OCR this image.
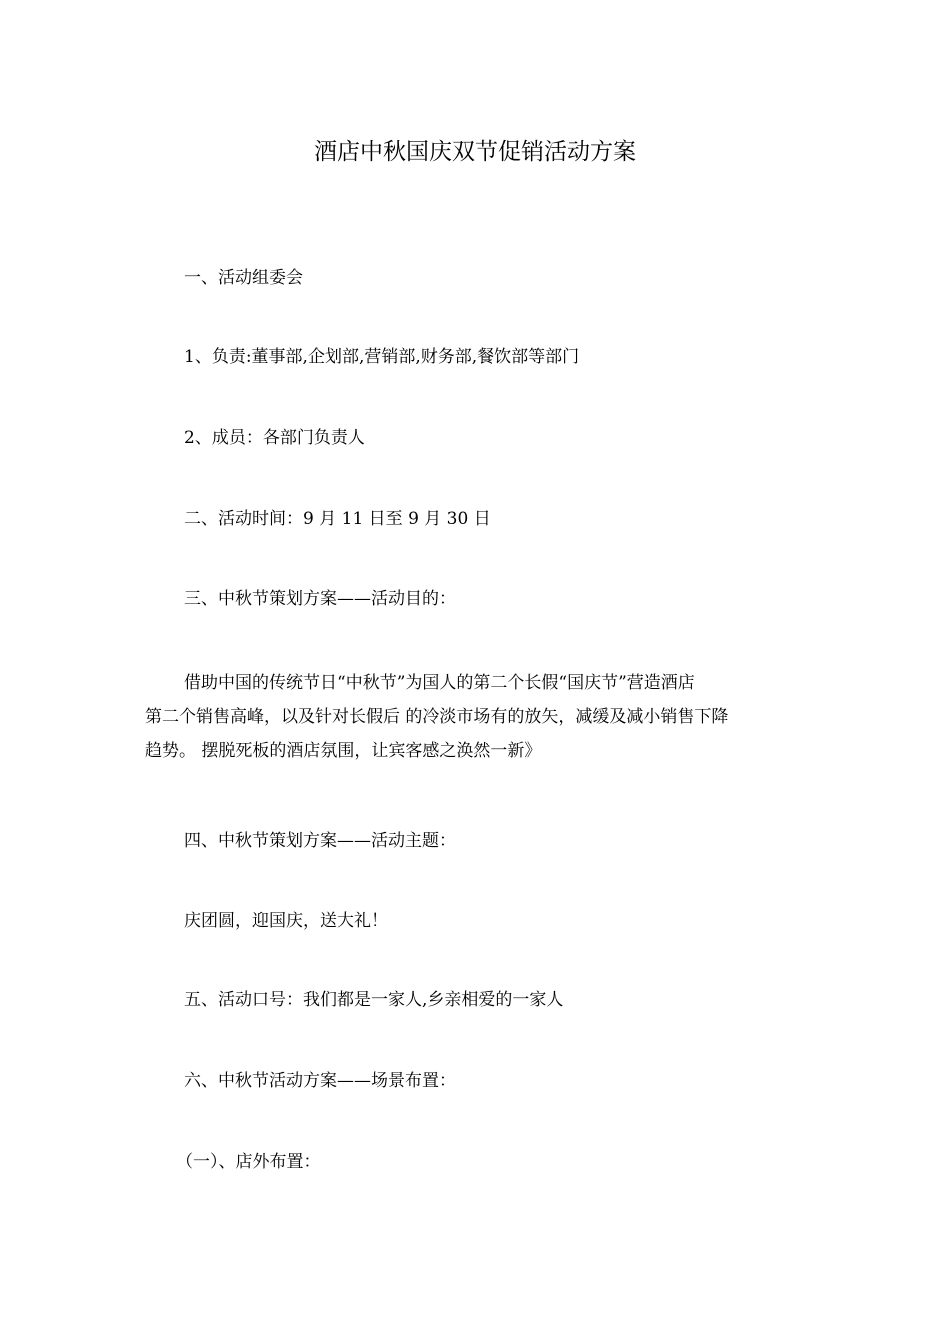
酒店中秋国庆双节促销活动方案
一、活动组委会
1、负责:董事部,企划部,营销部,财务部,餐饮部等部门
2、成员：各部门负责人
二、活动时间：9 月 11 日至 9 月 30 日
三、中秋节策划方案——活动目的：
借助中国的传统节日“中秋节”为国人的第二个长假“国庆节”营造酒店
第二个销售高峰，以及针对长假后 的冷淡市场有的放矢，减缓及减小销售下降
趋势。 摆脱死板的酒店氛围，让宾客感之涣然一新》
四、中秋节策划方案——活动主题：
庆团圆，迎国庆，送大礼！
五、活动口号：我们都是一家人,乡亲相爱的一家人
六、中秋节活动方案——场景布置：
（一）、店外布置：
